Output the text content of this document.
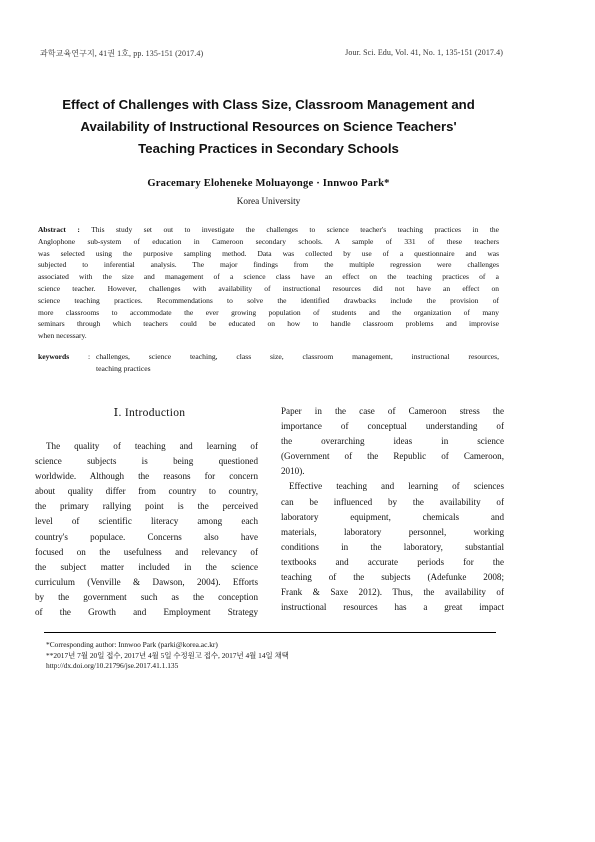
과학교육연구지, 41권 1호, pp. 135-151 (2017.4)	Jour. Sci. Edu, Vol. 41, No. 1, 135-151 (2017.4)
Effect of Challenges with Class Size, Classroom Management and
Availability of Instructional Resources on Science Teachers'
Teaching Practices in Secondary Schools
Gracemary Eloheneke Moluayonge · Innwoo Park*
Korea University
Abstract : This study set out to investigate the challenges to science teacher's teaching practices in the
Anglophone sub-system of education in Cameroon secondary schools. A sample of 331 of these teachers
was selected using the purposive sampling method. Data was collected by use of a questionnaire and was
subjected to inferential analysis. The major findings from the multiple regression were challenges
associated with the size and management of a science class have an effect on the teaching practices of a
science teacher. However, challenges with availability of instructional resources did not have an effect on
science teaching practices. Recommendations to solve the identified drawbacks include the provision of
more classrooms to accommodate the ever growing population of students and the organization of many
seminars through which teachers could be educated on how to handle classroom problems and improvise
when necessary.
keywords	: challenges, science teaching, class size, classroom management, instructional resources,
teaching practices
Ⅰ. Introduction
The quality of teaching and learning of
science subjects is being questioned
worldwide. Although the reasons for concern
about quality differ from country to country,
the primary rallying point is the perceived
level of scientific literacy among each
country's populace. Concerns also have
focused on the usefulness and relevancy of
the subject matter included in the science
curriculum (Venville & Dawson, 2004). Efforts
by the government such as the conception
of the Growth and Employment Strategy
Paper in the case of Cameroon stress the
importance of conceptual understanding of
the overarching ideas in science
(Government of the Republic of Cameroon,
2010).
Effective teaching and learning of sciences
can be influenced by the availability of
laboratory equipment, chemicals and
materials, laboratory personnel, working
conditions in the laboratory, substantial
textbooks and accurate periods for the
teaching of the subjects (Adefunke 2008;
Frank & Saxe 2012). Thus, the availability of
instructional resources has a great impact
*Corresponding author: Innwoo Park (parki@korea.ac.kr)
**2017년 7월 20일 접수, 2017년 4월 5일 수정원고 접수, 2017년 4월 14일 채택
http://dx.doi.org/10.21796/jse.2017.41.1.135
